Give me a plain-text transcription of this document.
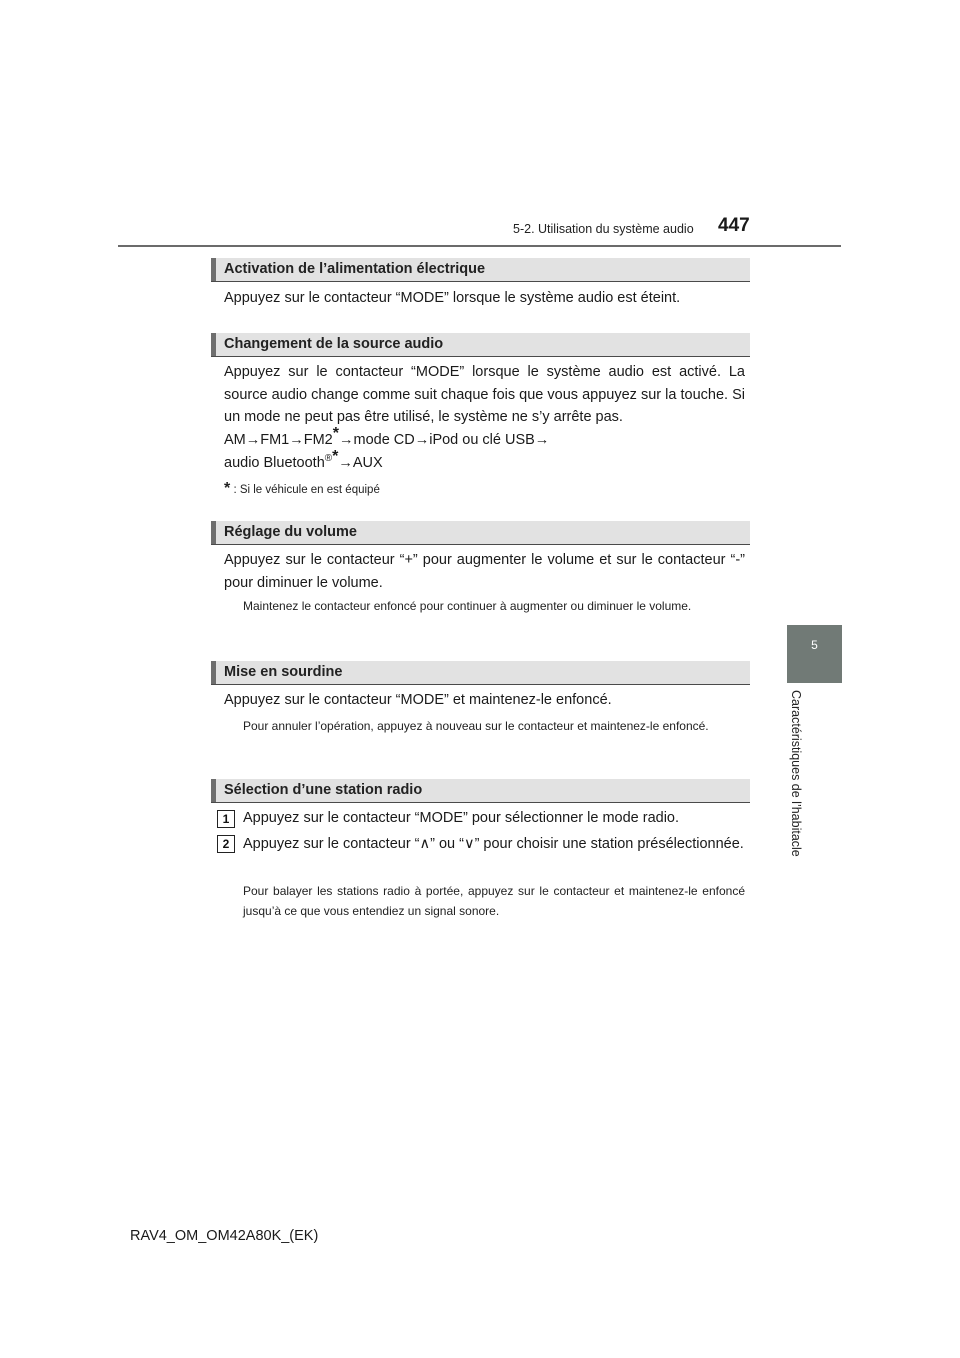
5-2. Utilisation du système audio 447
5
Caractéristiques de l’habitacle
Activation de l’alimentation électrique
Appuyez sur le contacteur “MODE” lorsque le système audio est éteint.
Changement de la source audio
Appuyez sur le contacteur “MODE” lorsque le système audio est activé. La source audio change comme suit chaque fois que vous appuyez sur la touche. Si un mode ne peut pas être utilisé, le système ne s’y arrête pas.
AM→FM1→FM2*→mode CD→iPod ou clé USB→
audio Bluetooth®*→AUX
* : Si le véhicule en est équipé
Réglage du volume
Appuyez sur le contacteur “+” pour augmenter le volume et sur le contacteur “-” pour diminuer le volume.
Maintenez le contacteur enfoncé pour continuer à augmenter ou diminuer le volume.
Mise en sourdine
Appuyez sur le contacteur “MODE” et maintenez-le enfoncé.
Pour annuler l’opération, appuyez à nouveau sur le contacteur et maintenez-le enfoncé.
Sélection d’une station radio
1 Appuyez sur le contacteur “MODE” pour sélectionner le mode radio.
2 Appuyez sur le contacteur “∧” ou “∨” pour choisir une station présélectionnée.
Pour balayer les stations radio à portée, appuyez sur le contacteur et maintenez-le enfoncé jusqu’à ce que vous entendiez un signal sonore.
RAV4_OM_OM42A80K_(EK)
